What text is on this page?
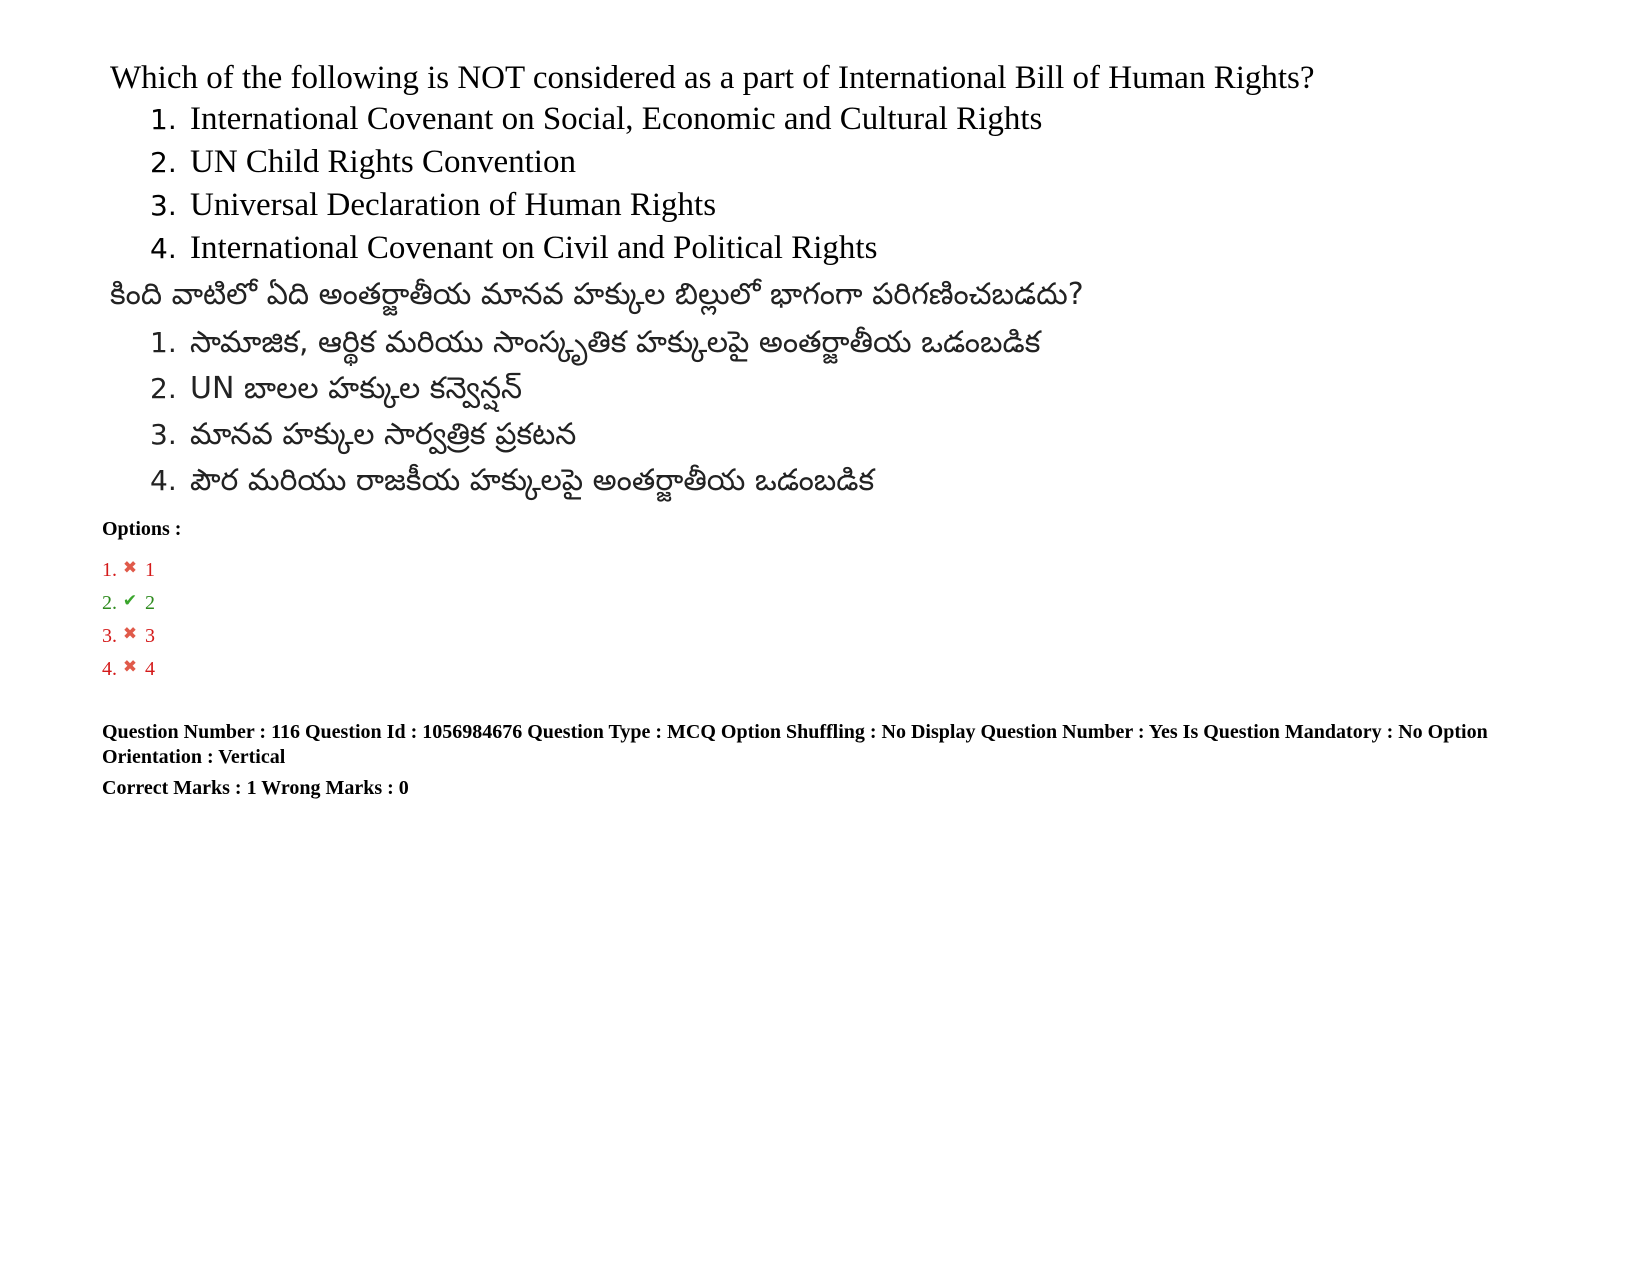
Which of the following is NOT considered as a part of International Bill of Human Rights?

1. International Covenant on Social, Economic and Cultural Rights
2. UN Child Rights Convention
3. Universal Declaration of Human Rights
4. International Covenant on Civil and Political Rights

కింది వాటిలో ఏది అంతర్జాతీయ మానవ హక్కుల బిల్లులో భాగంగా పరిగణించబడదు?

1. సామాజిక, ఆర్థిక మరియు సాంస్కృతిక హక్కులపై అంతర్జాతీయ ఒడంబడిక
2. UN బాలల హక్కుల కన్వెన్షన్
3. మానవ హక్కుల సార్వత్రిక ప్రకటన
4. పౌర మరియు రాజకీయ హక్కులపై అంతర్జాతీయ ఒడంబడిక

Options :

1. ✖ 1
2. ✔ 2
3. ✖ 3
4. ✖ 4

Question Number : 116 Question Id : 1056984676 Question Type : MCQ Option Shuffling : No Display Question Number : Yes Is Question Mandatory : No Option Orientation : Vertical

Correct Marks : 1 Wrong Marks : 0
